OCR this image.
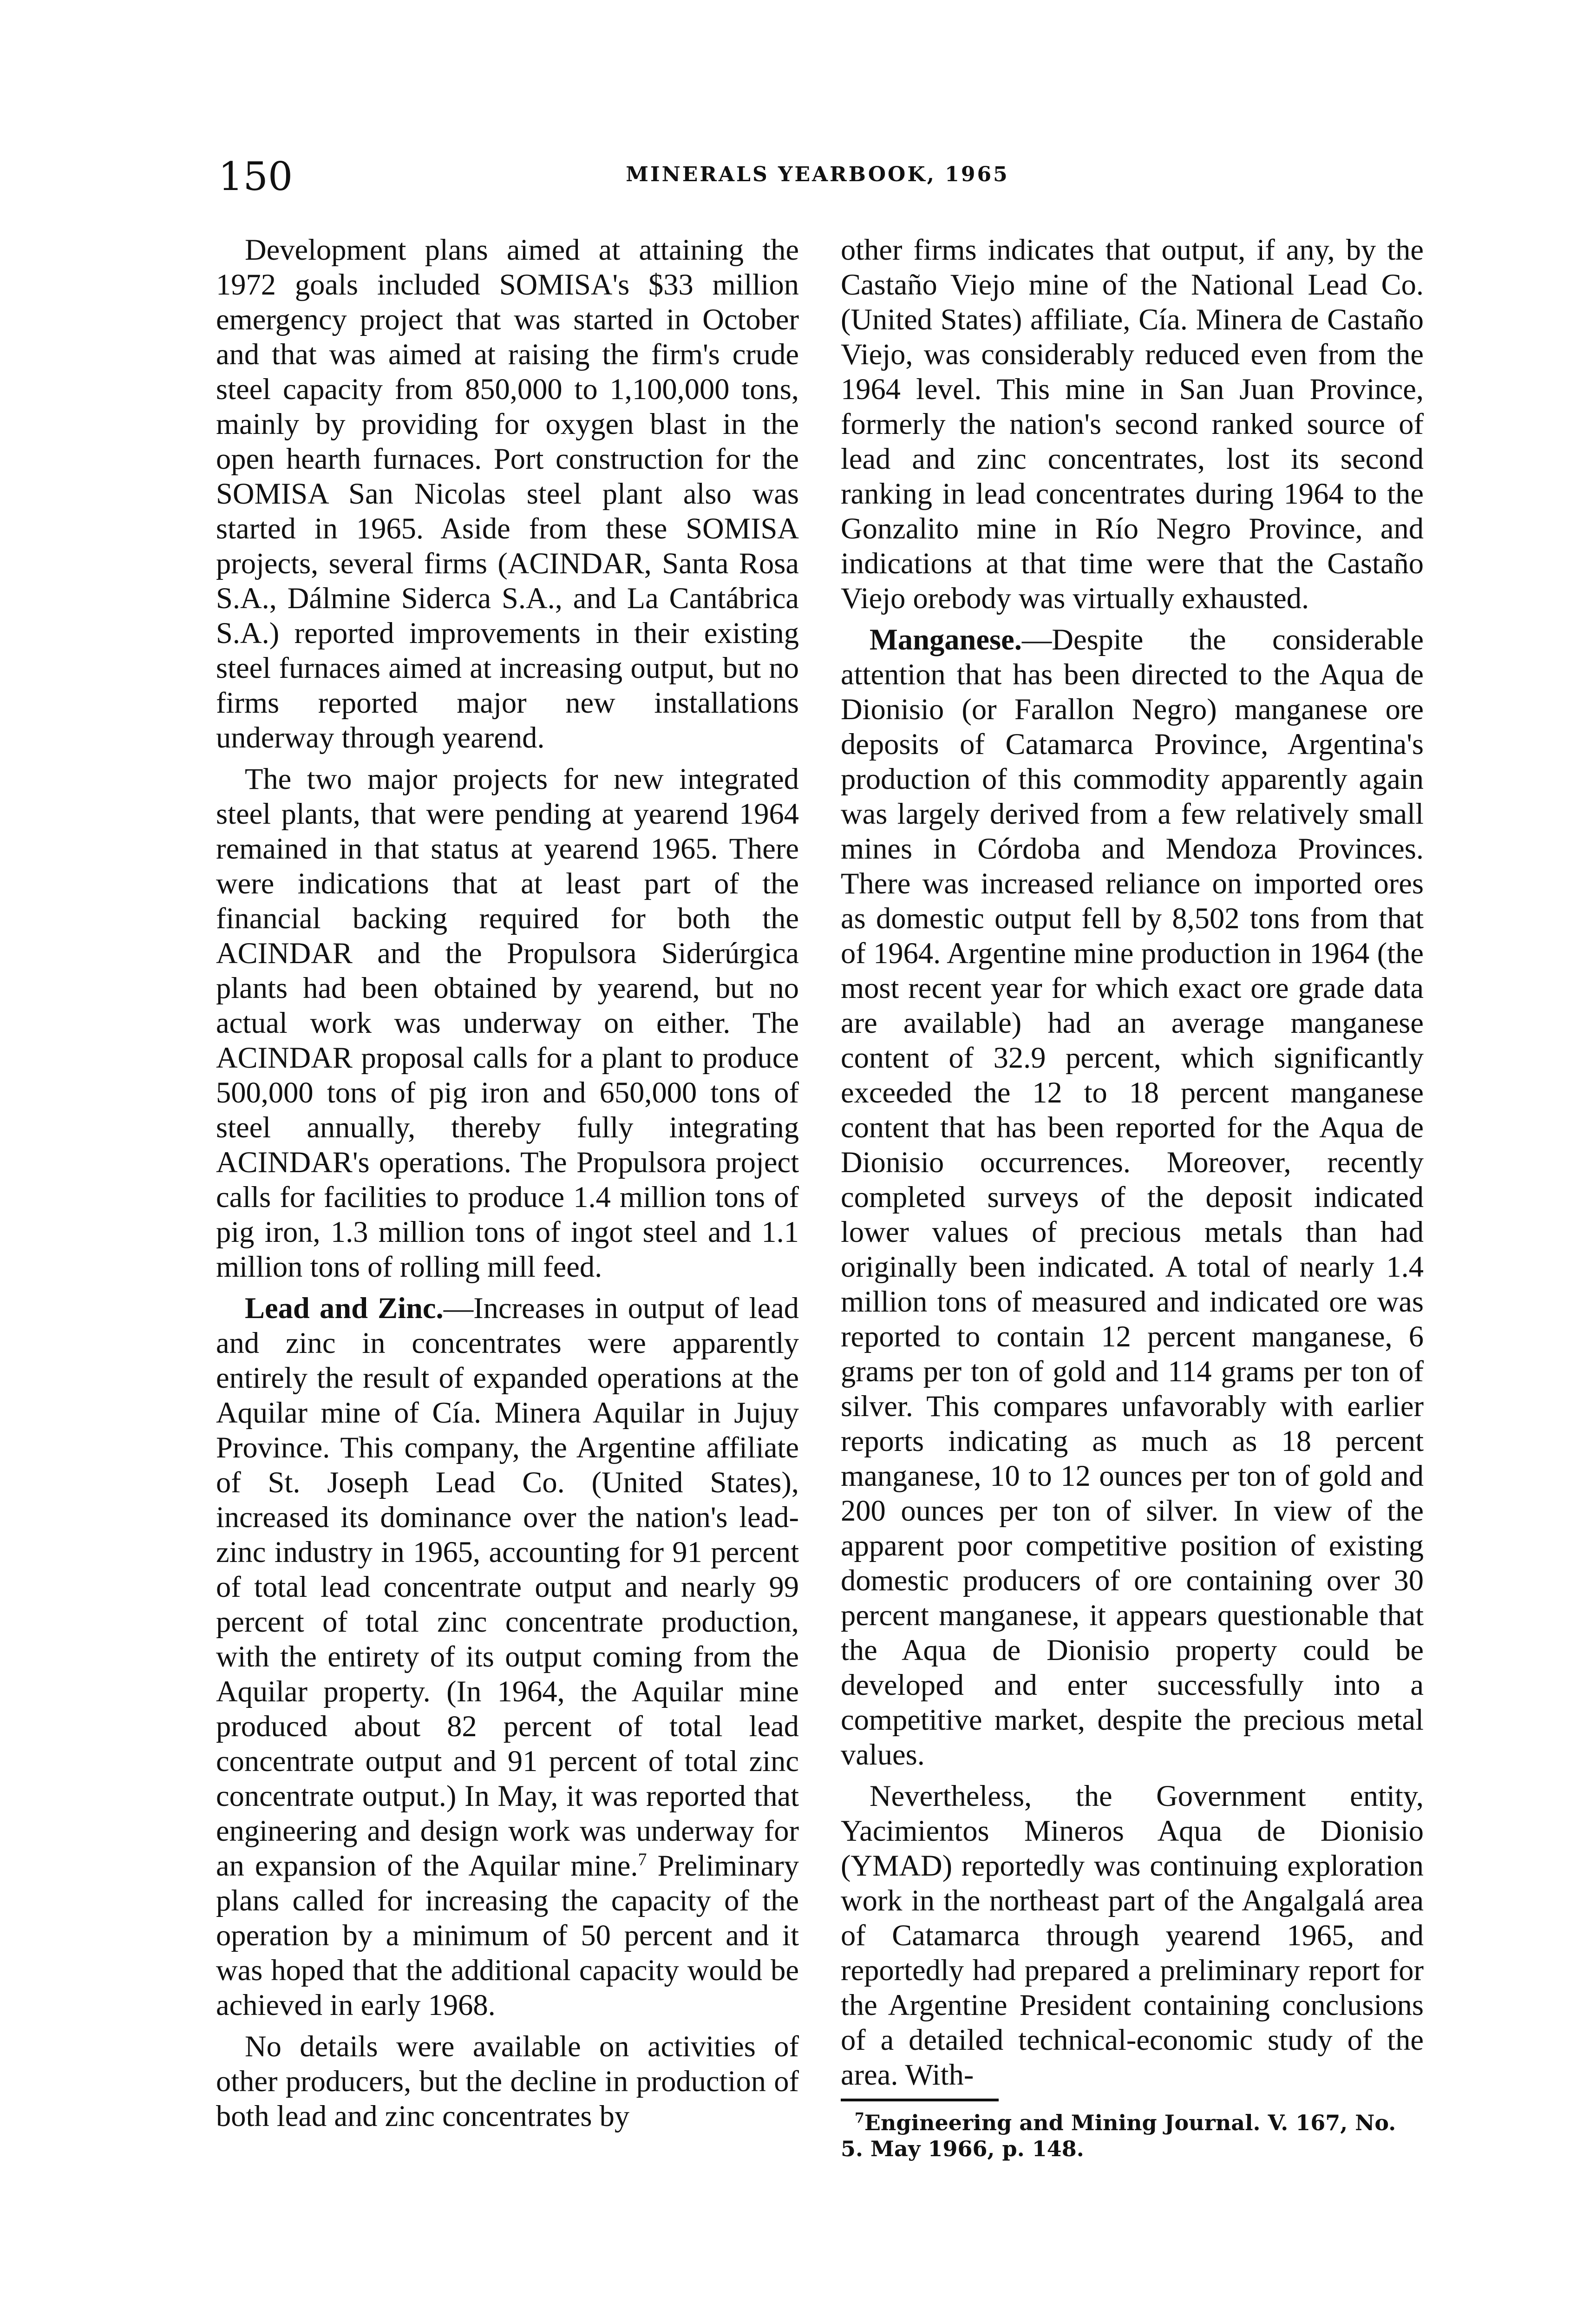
150	MINERALS YEARBOOK, 1965

Development plans aimed at attaining the 1972 goals included SOMISA's $33 million emergency project that was started in October and that was aimed at raising the firm's crude steel capacity from 850,000 to 1,100,000 tons, mainly by providing for oxygen blast in the open hearth furnaces. Port construction for the SOMISA San Nicolas steel plant also was started in 1965. Aside from these SOMISA projects, several firms (ACINDAR, Santa Rosa S.A., Dálmine Siderca S.A., and La Cantábrica S.A.) reported improvements in their existing steel furnaces aimed at increasing output, but no firms reported major new installations underway through yearend.

The two major projects for new integrated steel plants, that were pending at yearend 1964 remained in that status at yearend 1965. There were indications that at least part of the financial backing required for both the ACINDAR and the Propulsora Siderúrgica plants had been obtained by yearend, but no actual work was underway on either. The ACINDAR proposal calls for a plant to produce 500,000 tons of pig iron and 650,000 tons of steel annually, thereby fully integrating ACINDAR's operations. The Propulsora project calls for facilities to produce 1.4 million tons of pig iron, 1.3 million tons of ingot steel and 1.1 million tons of rolling mill feed.

Lead and Zinc.—Increases in output of lead and zinc in concentrates were apparently entirely the result of expanded operations at the Aquilar mine of Cía. Minera Aquilar in Jujuy Province. This company, the Argentine affiliate of St. Joseph Lead Co. (United States), increased its dominance over the nation's lead-zinc industry in 1965, accounting for 91 percent of total lead concentrate output and nearly 99 percent of total zinc concentrate production, with the entirety of its output coming from the Aquilar property. (In 1964, the Aquilar mine produced about 82 percent of total lead concentrate output and 91 percent of total zinc concentrate output.) In May, it was reported that engineering and design work was underway for an expansion of the Aquilar mine.$^7$ Preliminary plans called for increasing the capacity of the operation by a minimum of 50 percent and it was hoped that the additional capacity would be achieved in early 1968.

No details were available on activities of other producers, but the decline in production of both lead and zinc concentrates by

other firms indicates that output, if any, by the Castaño Viejo mine of the National Lead Co. (United States) affiliate, Cía. Minera de Castaño Viejo, was considerably reduced even from the 1964 level. This mine in San Juan Province, formerly the nation's second ranked source of lead and zinc concentrates, lost its second ranking in lead concentrates during 1964 to the Gonzalito mine in Río Negro Province, and indications at that time were that the Castaño Viejo orebody was virtually exhausted.

Manganese.—Despite the considerable attention that has been directed to the Aqua de Dionisio (or Farallon Negro) manganese ore deposits of Catamarca Province, Argentina's production of this commodity apparently again was largely derived from a few relatively small mines in Córdoba and Mendoza Provinces. There was increased reliance on imported ores as domestic output fell by 8,502 tons from that of 1964. Argentine mine production in 1964 (the most recent year for which exact ore grade data are available) had an average manganese content of 32.9 percent, which significantly exceeded the 12 to 18 percent manganese content that has been reported for the Aqua de Dionisio occurrences. Moreover, recently completed surveys of the deposit indicated lower values of precious metals than had originally been indicated. A total of nearly 1.4 million tons of measured and indicated ore was reported to contain 12 percent manganese, 6 grams per ton of gold and 114 grams per ton of silver. This compares unfavorably with earlier reports indicating as much as 18 percent manganese, 10 to 12 ounces per ton of gold and 200 ounces per ton of silver. In view of the apparent poor competitive position of existing domestic producers of ore containing over 30 percent manganese, it appears questionable that the Aqua de Dionisio property could be developed and enter successfully into a competitive market, despite the precious metal values.

Nevertheless, the Government entity, Yacimientos Mineros Aqua de Dionisio (YMAD) reportedly was continuing exploration work in the northeast part of the Angalgalá area of Catamarca through yearend 1965, and reportedly had prepared a preliminary report for the Argentine President containing conclusions of a detailed technical-economic study of the area. With-

$^7$Engineering and Mining Journal. V. 167, No. 5. May 1966, p. 148.
